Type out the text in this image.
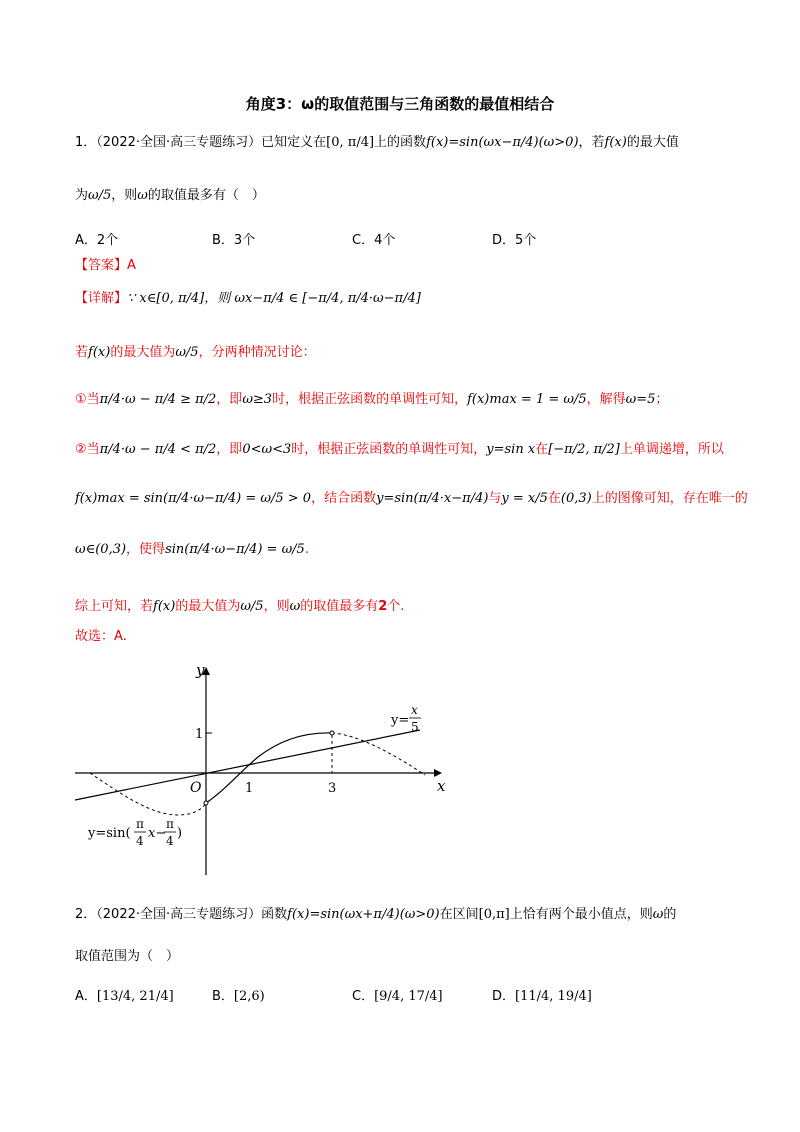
角度3：ω的取值范围与三角函数的最值相结合
1．（2022·全国·高三专题练习）已知定义在[0, π/4]上的函数f(x)=sin(ωx−π/4)(ω>0)，若f(x)的最大值
为ω/5，则ω的取值最多有（　）
A．2个	B．3个	C．4个	D．5个
【答案】A
【详解】∵ x∈[0, π/4]，则 ωx−π/4 ∈ [−π/4, π/4·ω−π/4]
若f(x)的最大值为ω/5，分两种情况讨论：
①当π/4·ω − π/4 ≥ π/2，即ω≥3时，根据正弦函数的单调性可知，f(x)max = 1 = ω/5，解得ω=5；
②当π/4·ω − π/4 < π/2，即0<ω<3时，根据正弦函数的单调性可知，y=sin x在[−π/2, π/2]上单调递增，所以
f(x)max = sin(π/4·ω−π/4) = ω/5 > 0，结合函数y=sin(π/4·x−π/4)与y = x/5在(0,3)上的图像可知，存在唯一的
ω∈(0,3)，使得sin(π/4·ω−π/4) = ω/5.
综上可知，若f(x)的最大值为ω/5，则ω的取值最多有2个.
故选：A.
y
x
O
1
1	3
y=
x
5
y=sin(
π
4 x−
π
4 )
2．（2022·全国·高三专题练习）函数f(x)=sin(ωx+π/4)(ω>0)在区间[0,π]上恰有两个最小值点，则ω的
取值范围为（　）
A．[13/4, 21/4]	B．[2,6)	C．[9/4, 17/4]	D．[11/4, 19/4]
